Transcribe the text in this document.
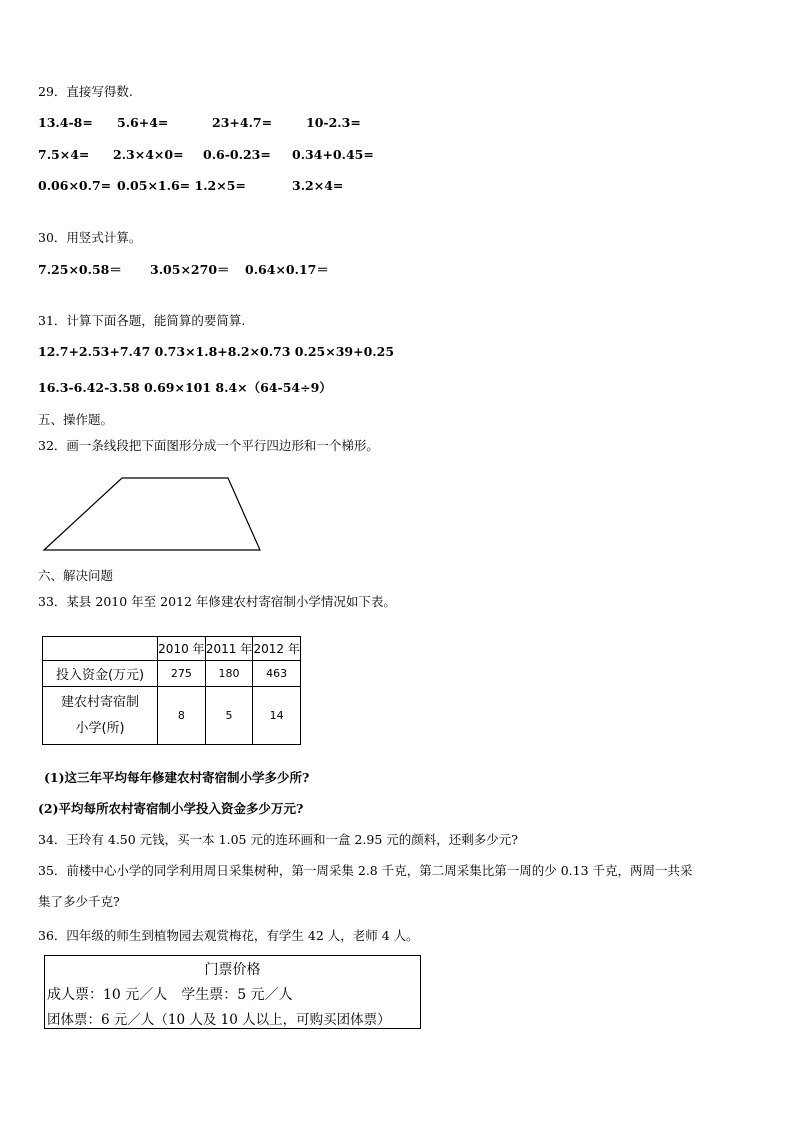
29．直接写得数.
13.4-8= 5.6+4=	23+4.7=	10-2.3=
7.5×4= 2.3×4×0= 0.6-0.23= 0.34+0.45=
0.06×0.7= 0.05×1.6= 1.2×5=	3.2×4=
30．用竖式计算。
7.25×0.58＝ 3.05×270＝ 0.64×0.17＝
31．计算下面各题，能简算的要简算.
12.7+2.53+7.47 0.73×1.8+8.2×0.73 0.25×39+0.25
16.3-6.42-3.58 0.69×101 8.4×（64-54÷9）
五、操作题。
32．画一条线段把下面图形分成一个平行四边形和一个梯形。
六、解决问题
33．某县 2010 年至 2012 年修建农村寄宿制小学情况如下表。
	2010 年	2011 年	2012 年
投入资金(万元)	275	180	463

建农村寄宿制
小学(所)	8	5	14
(1)这三年平均每年修建农村寄宿制小学多少所?
(2)平均每所农村寄宿制小学投入资金多少万元?
34．王玲有 4.50 元钱，买一本 1.05 元的连环画和一盒 2.95 元的颜料，还剩多少元?
35．前楼中心小学的同学利用周日采集树种，第一周采集 2.8 千克，第二周采集比第一周的少 0.13 千克，两周一共采
集了多少千克?
36．四年级的师生到植物园去观赏梅花，有学生 42 人，老师 4 人。
门票价格
成人票：10 元／人　学生票：5 元／人
团体票：6 元／人（10 人及 10 人以上，可购买团体票）
